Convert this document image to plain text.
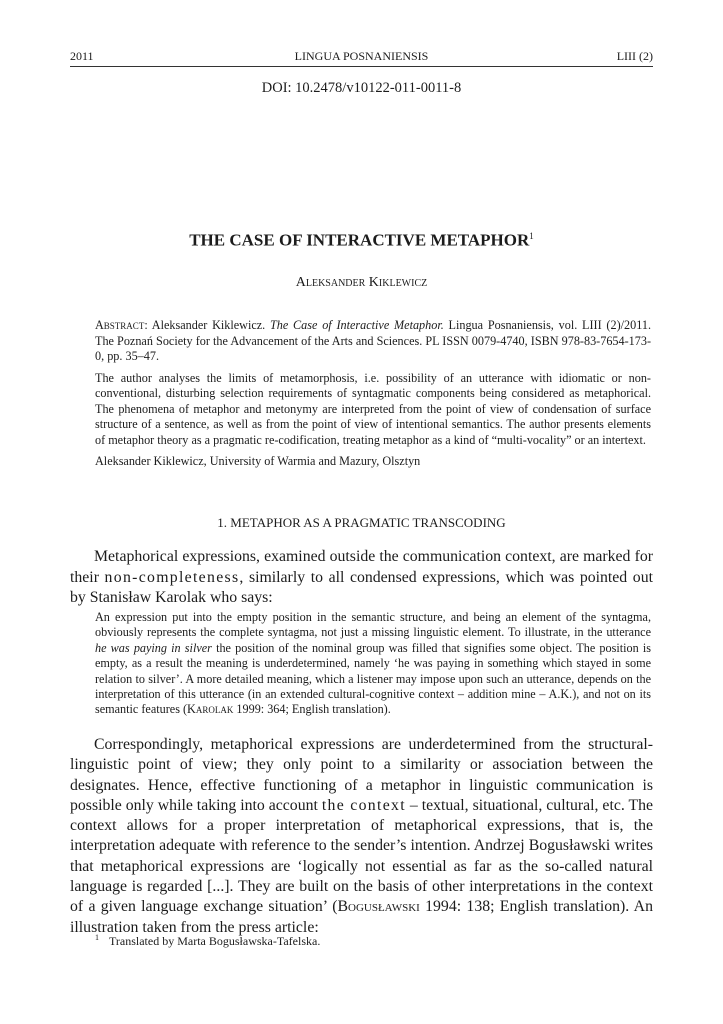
2011	LINGUA POSNANIENSIS	LIII (2)
DOI: 10.2478/v10122-011-0011-8
THE CASE OF INTERACTIVE METAPHOR$^1$
Aleksander Kiklewicz

Abstract: Aleksander Kiklewicz. The Case of Interactive Metaphor. Lingua Posnaniensis, vol. LIII (2)/2011. The Poznań Society for the Advancement of the Arts and Sciences. PL ISSN 0079-4740, ISBN 978-83-7654-173-0, pp. 35–47.

The author analyses the limits of metamorphosis, i.e. possibility of an utterance with idiomatic or non-conventional, disturbing selection requirements of syntagmatic components being considered as metaphorical. The phenomena of metaphor and metonymy are interpreted from the point of view of condensation of surface structure of a sentence, as well as from the point of view of intentional semantics. The author presents elements of metaphor theory as a pragmatic re-codification, treating metaphor as a kind of “multi-vocality” or an intertext.

Aleksander Kiklewicz, University of Warmia and Mazury, Olsztyn

1. METAPHOR AS A PRAGMATIC TRANSCODING

Metaphorical expressions, examined outside the communication context, are marked for their non-completeness, similarly to all condensed expressions, which was pointed out by Stanisław Karolak who says:

An expression put into the empty position in the semantic structure, and being an element of the syntagma, obviously represents the complete syntagma, not just a missing linguistic element. To illustrate, in the utterance he was paying in silver the position of the nominal group was filled that signifies some object. The position is empty, as a result the meaning is underdetermined, namely ‘he was paying in something which stayed in some relation to silver’. A more detailed meaning, which a listener may impose upon such an utterance, depends on the interpretation of this utterance (in an extended cultural-cognitive context – addition mine – A.K.), and not on its semantic features (Karolak 1999: 364; English translation).

Correspondingly, metaphorical expressions are underdetermined from the structural-linguistic point of view; they only point to a similarity or association between the designates. Hence, effective functioning of a metaphor in linguistic communication is possible only while taking into account the context – textual, situational, cultural, etc. The context allows for a proper interpretation of metaphorical expressions, that is, the interpretation adequate with reference to the sender’s intention. Andrzej Bogusławski writes that metaphorical expressions are ‘logically not essential as far as the so-called natural language is regarded [...]. They are built on the basis of other interpretations in the context of a given language exchange situation’ (Bogusławski 1994: 138; English translation). An illustration taken from the press article:

$^1$ Translated by Marta Bogusławska-Tafelska.
